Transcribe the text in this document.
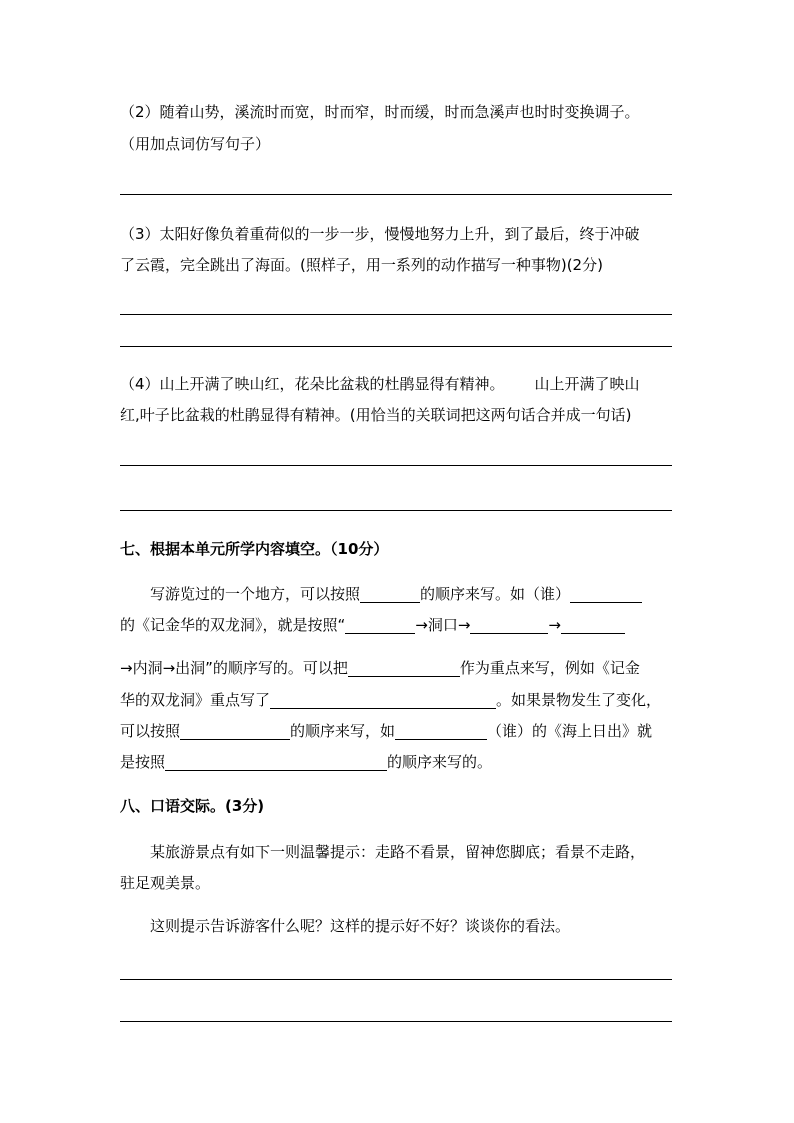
（2）随着山势，溪流时而宽，时而窄，时而缓，时而急溪声也时时变换调子。
（用加点词仿写句子）
（3）太阳好像负着重荷似的一步一步，慢慢地努力上升，到了最后，终于冲破
了云霞，完全跳出了海面。(照样子，用一系列的动作描写一种事物)(2分)
（4）山上开满了映山红，花朵比盆栽的杜鹃显得有精神。 山上开满了映山
红,叶子比盆栽的杜鹃显得有精神。(用恰当的关联词把这两句话合并成一句话)
七、根据本单元所学内容填空。（10分）
写游览过的一个地方，可以按照	的顺序来写。如（谁）
的《记金华的双龙洞》，就是按照“	→洞口→	→
→内洞→出洞”的顺序写的。可以把	作为重点来写，例如《记金
华的双龙洞》重点写了	。如果景物发生了变化，
可以按照	的顺序来写，如	（谁）的《海上日出》就
是按照	的顺序来写的。
八、口语交际。(3分)
某旅游景点有如下一则温馨提示：走路不看景，留神您脚底；看景不走路，
驻足观美景。
这则提示告诉游客什么呢？这样的提示好不好？谈谈你的看法。
